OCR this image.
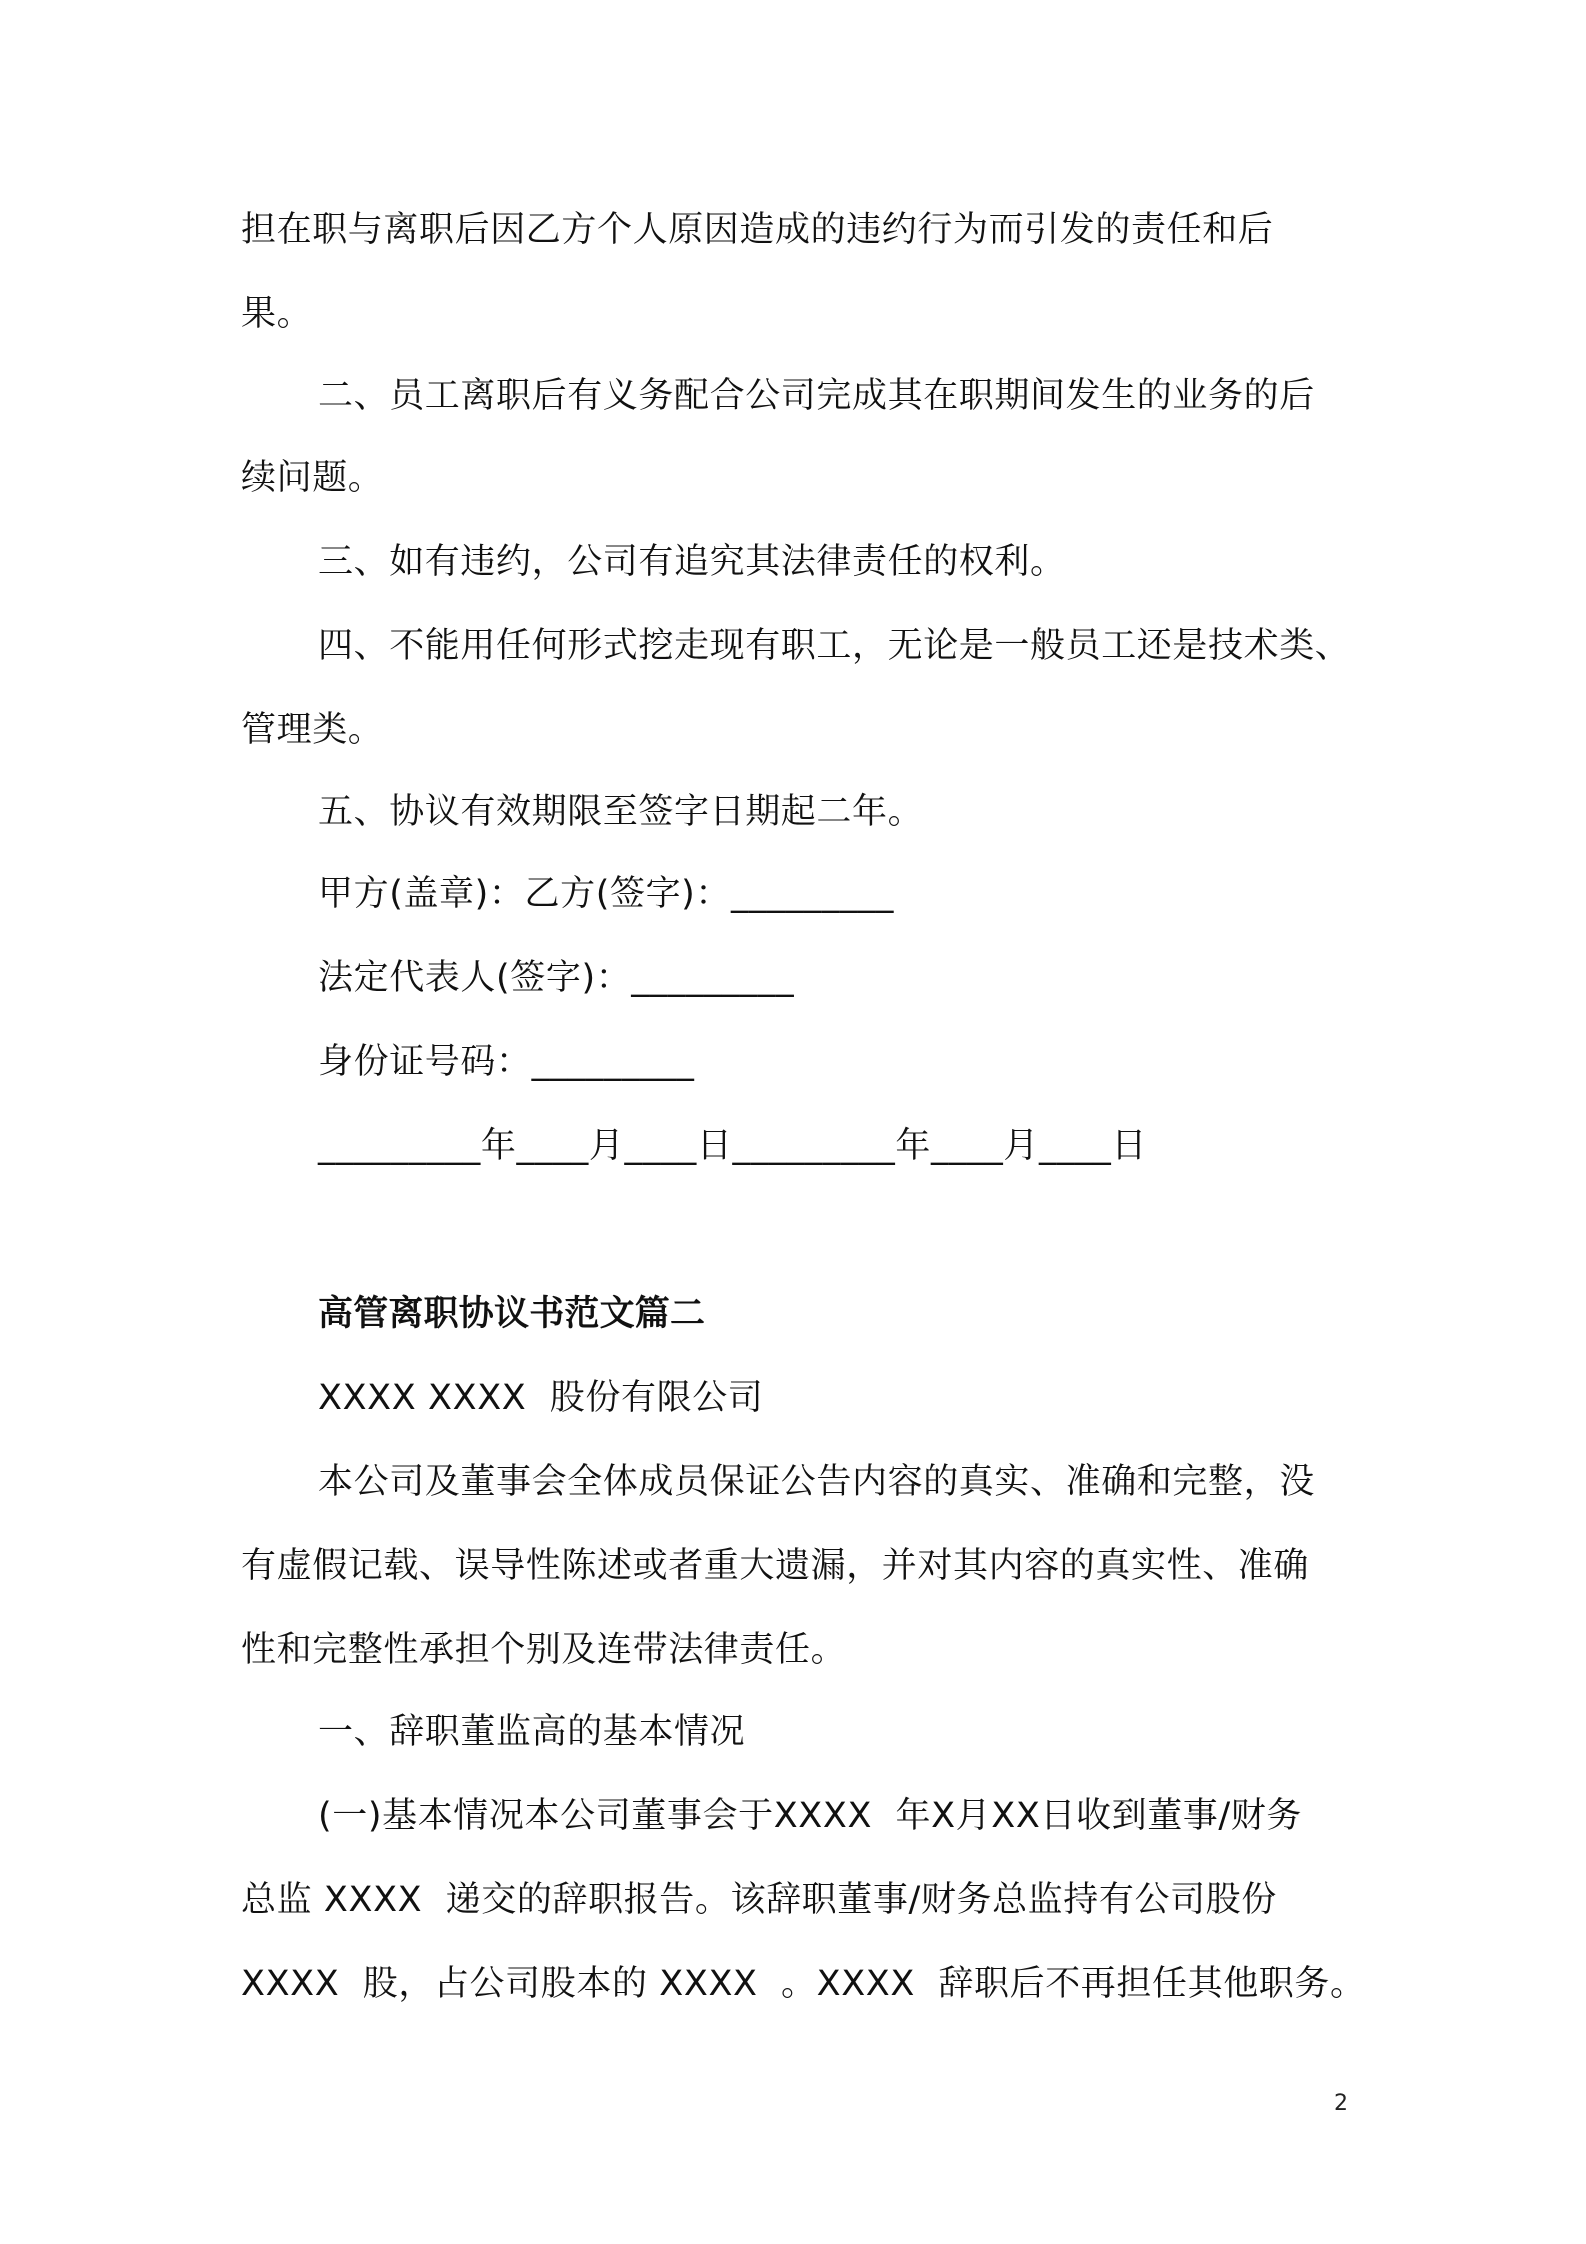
担在职与离职后因乙方个人原因造成的违约行为而引发的责任和后
果。
二、员工离职后有义务配合公司完成其在职期间发生的业务的后
续问题。
三、如有违约，公司有追究其法律责任的权利。
四、不能用任何形式挖走现有职工，无论是一般员工还是技术类、
管理类。
五、协议有效期限至签字日期起二年。
甲方(盖章)：乙方(签字)：_________
法定代表人(签字)：_________
身份证号码：_________
_________年____月____日_________年____月____日
高管离职协议书范文篇二
XXXX XXXX  股份有限公司
本公司及董事会全体成员保证公告内容的真实、准确和完整，没
有虚假记载、误导性陈述或者重大遗漏，并对其内容的真实性、准确
性和完整性承担个别及连带法律责任。
一、辞职董监高的基本情况
(一)基本情况本公司董事会于XXXX  年X月XX日收到董事/财务
总监 XXXX  递交的辞职报告。该辞职董事/财务总监持有公司股份
XXXX  股，占公司股本的 XXXX  。XXXX  辞职后不再担任其他职务。
2
